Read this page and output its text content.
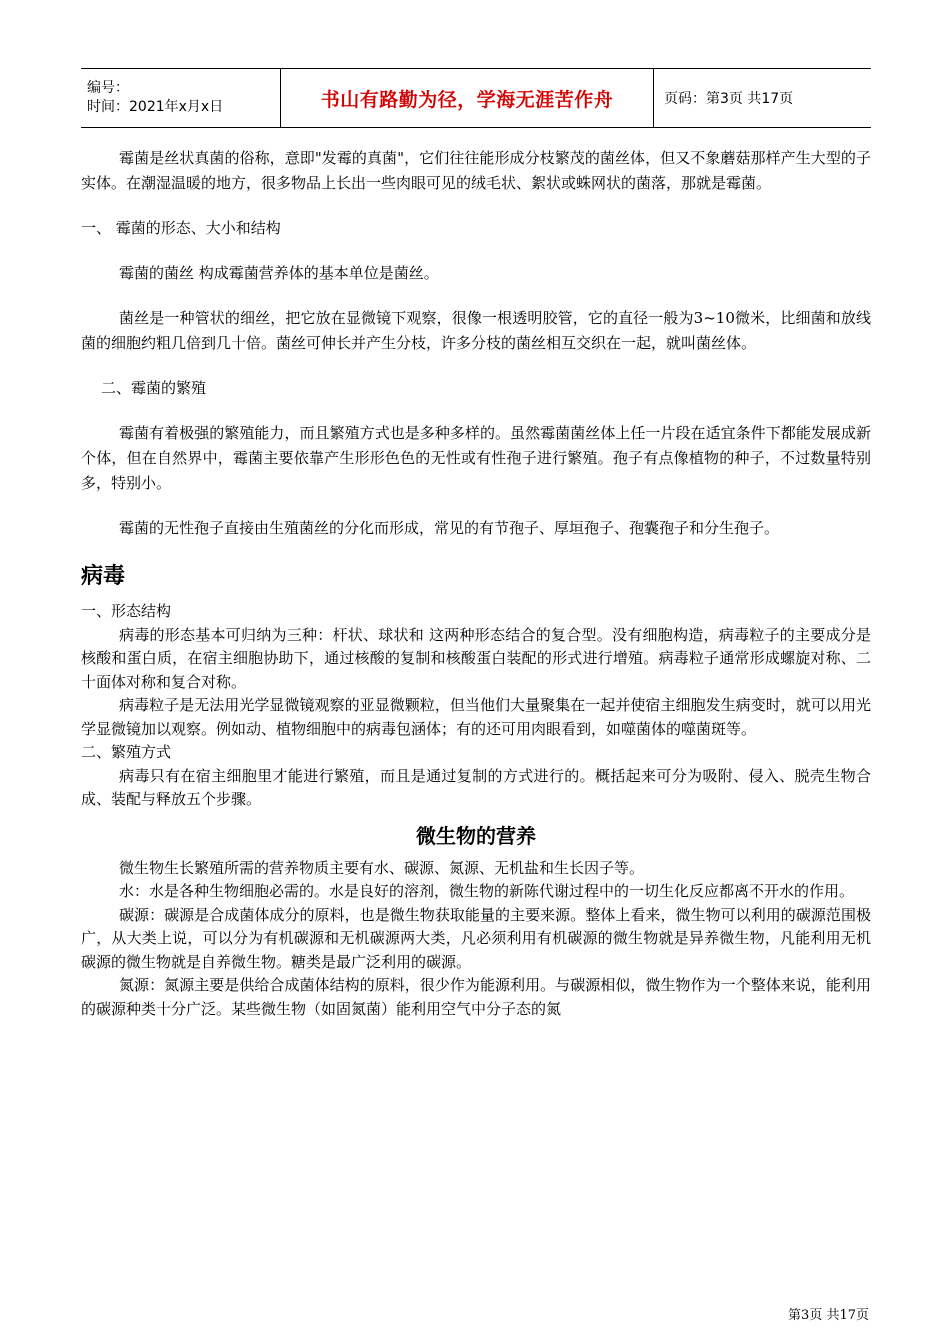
编号：
时间：2021年x月x日	书山有路勤为径，学海无涯苦作舟	页码：第3页 共17页

霉菌是丝状真菌的俗称，意即"发霉的真菌"，它们往往能形成分枝繁茂的菌丝体，但又不象蘑菇那样产生大型的子实体。在潮湿温暖的地方，很多物品上长出一些肉眼可见的绒毛状、絮状或蛛网状的菌落，那就是霉菌。

一、 霉菌的形态、大小和结构

霉菌的菌丝 构成霉菌营养体的基本单位是菌丝。

菌丝是一种管状的细丝，把它放在显微镜下观察，很像一根透明胶管，它的直径一般为3~10微米，比细菌和放线菌的细胞约粗几倍到几十倍。菌丝可伸长并产生分枝，许多分枝的菌丝相互交织在一起，就叫菌丝体。

二、霉菌的繁殖

霉菌有着极强的繁殖能力，而且繁殖方式也是多种多样的。虽然霉菌菌丝体上任一片段在适宜条件下都能发展成新个体，但在自然界中，霉菌主要依靠产生形形色色的无性或有性孢子进行繁殖。孢子有点像植物的种子，不过数量特别多，特别小。

霉菌的无性孢子直接由生殖菌丝的分化而形成，常见的有节孢子、厚垣孢子、孢囊孢子和分生孢子。

病毒

一、形态结构

病毒的形态基本可归纳为三种：杆状、球状和 这两种形态结合的复合型。没有细胞构造，病毒粒子的主要成分是核酸和蛋白质，在宿主细胞协助下，通过核酸的复制和核酸蛋白装配的形式进行增殖。病毒粒子通常形成螺旋对称、二十面体对称和复合对称。

病毒粒子是无法用光学显微镜观察的亚显微颗粒，但当他们大量聚集在一起并使宿主细胞发生病变时，就可以用光学显微镜加以观察。例如动、植物细胞中的病毒包涵体；有的还可用肉眼看到，如噬菌体的噬菌斑等。

二、繁殖方式

病毒只有在宿主细胞里才能进行繁殖，而且是通过复制的方式进行的。概括起来可分为吸附、侵入、脱壳生物合成、装配与释放五个步骤。

微生物的营养

微生物生长繁殖所需的营养物质主要有水、碳源、氮源、无机盐和生长因子等。

水：水是各种生物细胞必需的。水是良好的溶剂，微生物的新陈代谢过程中的一切生化反应都离不开水的作用。

碳源：碳源是合成菌体成分的原料，也是微生物获取能量的主要来源。整体上看来，微生物可以利用的碳源范围极广，从大类上说，可以分为有机碳源和无机碳源两大类，凡必须利用有机碳源的微生物就是异养微生物，凡能利用无机碳源的微生物就是自养微生物。糖类是最广泛利用的碳源。

氮源：氮源主要是供给合成菌体结构的原料，很少作为能源利用。与碳源相似，微生物作为一个整体来说，能利用的碳源种类十分广泛。某些微生物（如固氮菌）能利用空气中分子态的氮

第3页 共17页
